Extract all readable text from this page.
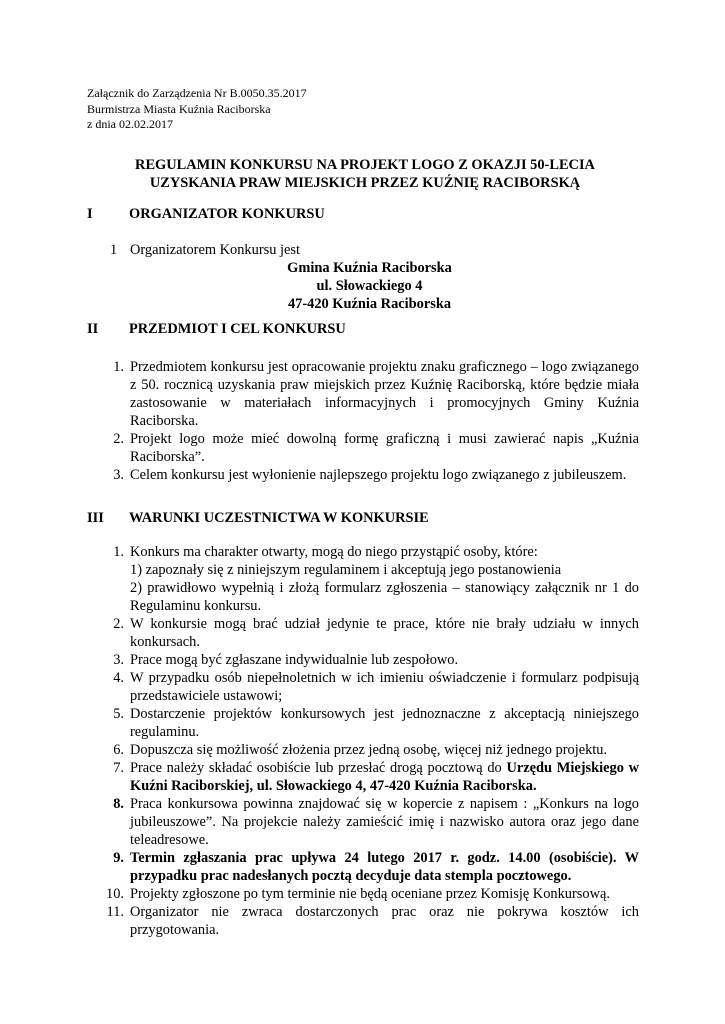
Załącznik do Zarządzenia Nr B.0050.35.2017
Burmistrza Miasta Kuźnia Raciborska
z dnia 02.02.2017
REGULAMIN KONKURSU NA PROJEKT LOGO Z OKAZJI 50-LECIA
UZYSKANIA PRAW MIEJSKICH PRZEZ KUŹNIĘ RACIBORSKĄ
I	ORGANIZATOR KONKURSU
1 Organizatorem Konkursu jest
Gmina Kuźnia Raciborska
ul. Słowackiego 4
47-420 Kuźnia Raciborska
II PRZEDMIOT I CEL KONKURSU
1. Przedmiotem konkursu jest opracowanie projektu znaku graficznego – logo związanego z 50. rocznicą uzyskania praw miejskich przez Kuźnię Raciborską, które będzie miała zastosowanie w materiałach informacyjnych i promocyjnych Gminy Kuźnia Raciborska.
2. Projekt logo może mieć dowolną formę graficzną i musi zawierać napis „Kuźnia Raciborska”.
3. Celem konkursu jest wyłonienie najlepszego projektu logo związanego z jubileuszem.
III WARUNKI UCZESTNICTWA W KONKURSIE
1. Konkurs ma charakter otwarty, mogą do niego przystąpić osoby, które:
1) zapoznały się z niniejszym regulaminem i akceptują jego postanowienia
2) prawidłowo wypełnią i złożą formularz zgłoszenia – stanowiący załącznik nr 1 do Regulaminu konkursu.
2. W konkursie mogą brać udział jedynie te prace, które nie brały udziału w innych konkursach.
3. Prace mogą być zgłaszane indywidualnie lub zespołowo.
4. W przypadku osób niepełnoletnich w ich imieniu oświadczenie i formularz podpisują przedstawiciele ustawowi;
5. Dostarczenie projektów konkursowych jest jednoznaczne z akceptacją niniejszego regulaminu.
6. Dopuszcza się możliwość złożenia przez jedną osobę, więcej niż jednego projektu.
7. Prace należy składać osobiście lub przesłać drogą pocztową do Urzędu Miejskiego w Kuźni Raciborskiej, ul. Słowackiego 4, 47-420 Kuźnia Raciborska.
8. Praca konkursowa powinna znajdować się w kopercie z napisem : „Konkurs na logo jubileuszowe”. Na projekcie należy zamieścić imię i nazwisko autora oraz jego dane teleadresowe.
9. Termin zgłaszania prac upływa 24 lutego 2017 r. godz. 14.00 (osobiście). W przypadku prac nadesłanych pocztą decyduje data stempla pocztowego.
10. Projekty zgłoszone po tym terminie nie będą oceniane przez Komisję Konkursową.
11. Organizator nie zwraca dostarczonych prac oraz nie pokrywa kosztów ich przygotowania.
